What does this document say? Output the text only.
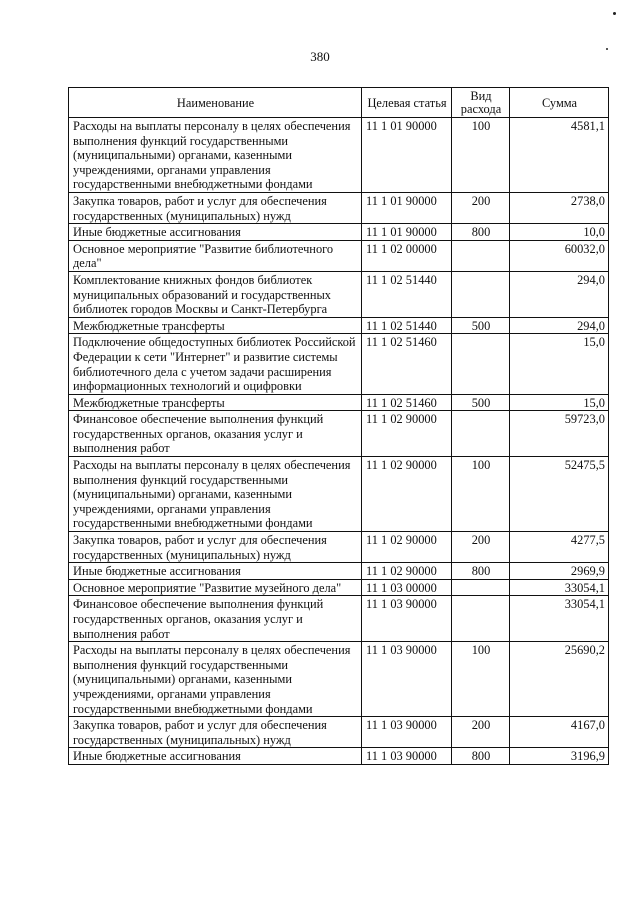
380
Наименование	Целевая статья	Вид расхода	Сумма
Расходы на выплаты персоналу в целях обеспечения выполнения функций государственными (муниципальными) органами, казенными учреждениями, органами управления государственными внебюджетными фондами	11 1 01 90000	100	4581,1
Закупка товаров, работ и услуг для обеспечения государственных (муниципальных) нужд	11 1 01 90000	200	2738,0
Иные бюджетные ассигнования	11 1 01 90000	800	10,0
Основное мероприятие "Развитие библиотечного дела"	11 1 02 00000		60032,0
Комплектование книжных фондов библиотек муниципальных образований и государственных библиотек городов Москвы и Санкт-Петербурга	11 1 02 51440		294,0
Межбюджетные трансферты	11 1 02 51440	500	294,0
Подключение общедоступных библиотек Российской Федерации к сети "Интернет" и развитие системы библиотечного дела с учетом задачи расширения информационных технологий и оцифровки	11 1 02 51460		15,0
Межбюджетные трансферты	11 1 02 51460	500	15,0
Финансовое обеспечение выполнения функций государственных органов, оказания услуг и выполнения работ	11 1 02 90000		59723,0
Расходы на выплаты персоналу в целях обеспечения выполнения функций государственными (муниципальными) органами, казенными учреждениями, органами управления государственными внебюджетными фондами	11 1 02 90000	100	52475,5
Закупка товаров, работ и услуг для обеспечения государственных (муниципальных) нужд	11 1 02 90000	200	4277,5
Иные бюджетные ассигнования	11 1 02 90000	800	2969,9
Основное мероприятие "Развитие музейного дела"	11 1 03 00000		33054,1
Финансовое обеспечение выполнения функций государственных органов, оказания услуг и выполнения работ	11 1 03 90000		33054,1
Расходы на выплаты персоналу в целях обеспечения выполнения функций государственными (муниципальными) органами, казенными учреждениями, органами управления государственными внебюджетными фондами	11 1 03 90000	100	25690,2
Закупка товаров, работ и услуг для обеспечения государственных (муниципальных) нужд	11 1 03 90000	200	4167,0
Иные бюджетные ассигнования	11 1 03 90000	800	3196,9
